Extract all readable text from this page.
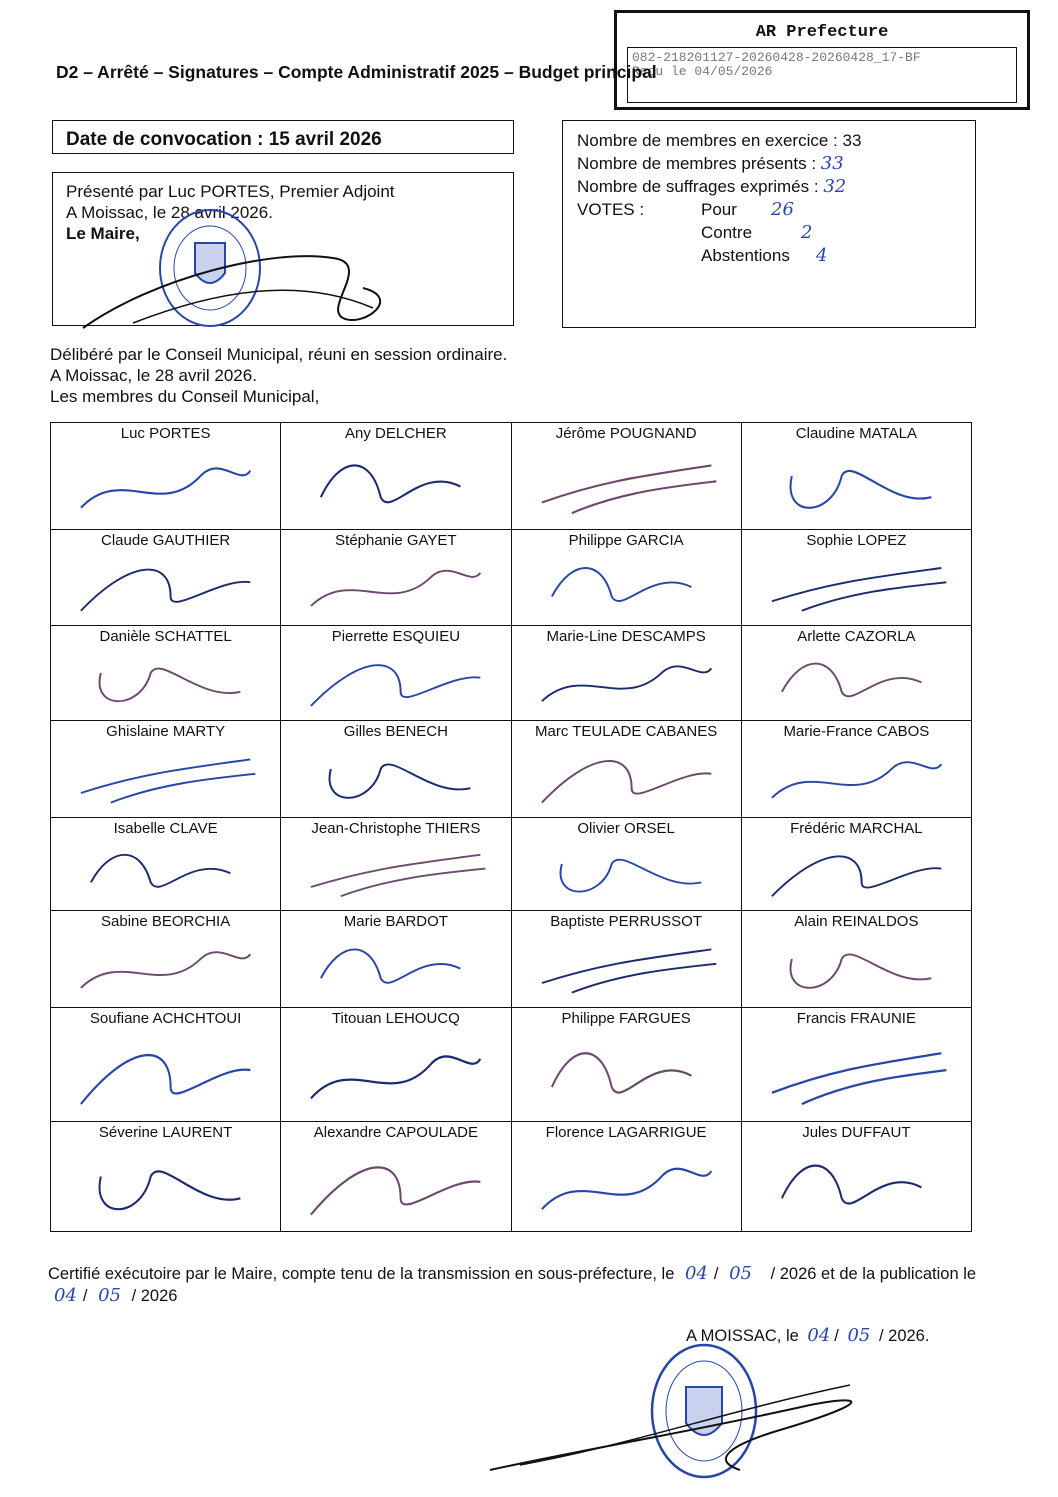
AR Prefecture
082-218201127-20260428-20260428_17-BF
Reçu le 04/05/2026
D2 – Arrêté – Signatures – Compte Administratif 2025 – Budget principal
Date de convocation : 15 avril 2026
Présenté par Luc PORTES, Premier Adjoint
A Moissac, le 28 avril 2026.
Le Maire,
Nombre de membres en exercice : 33
Nombre de membres présents : 33
Nombre de suffrages exprimés : 32
VOTES :	Pour 26
Contre	2
Abstentions 4
Délibéré par le Conseil Municipal, réuni en session ordinaire.
A Moissac, le 28 avril 2026.
Les membres du Conseil Municipal,
Luc PORTES	Any DELCHER	Jérôme POUGNAND	Claudine MATALA

Claude GAUTHIER	Stéphanie GAYET	Philippe GARCIA	Sophie LOPEZ

Danièle SCHATTEL	Pierrette ESQUIEU	Marie-Line DESCAMPS	Arlette CAZORLA

Ghislaine MARTY	Gilles BENECH	Marc TEULADE CABANES	Marie-France CABOS

Isabelle CLAVE	Jean-Christophe THIERS	Olivier ORSEL	Frédéric MARCHAL

Sabine BEORCHIA	Marie BARDOT	Baptiste PERRUSSOT	Alain REINALDOS

Soufiane ACHCHTOUI	Titouan LEHOUCQ	Philippe FARGUES	Francis FRAUNIE

Séverine LAURENT	Alexandre CAPOULADE	Florence LAGARRIGUE	Jules DUFFAUT
Certifié exécutoire par le Maire, compte tenu de la transmission en sous-préfecture, le 04 / 05 / 2026 et de la publication le 04 / 05 / 2026
A MOISSAC, le 04 / 05 / 2026.
